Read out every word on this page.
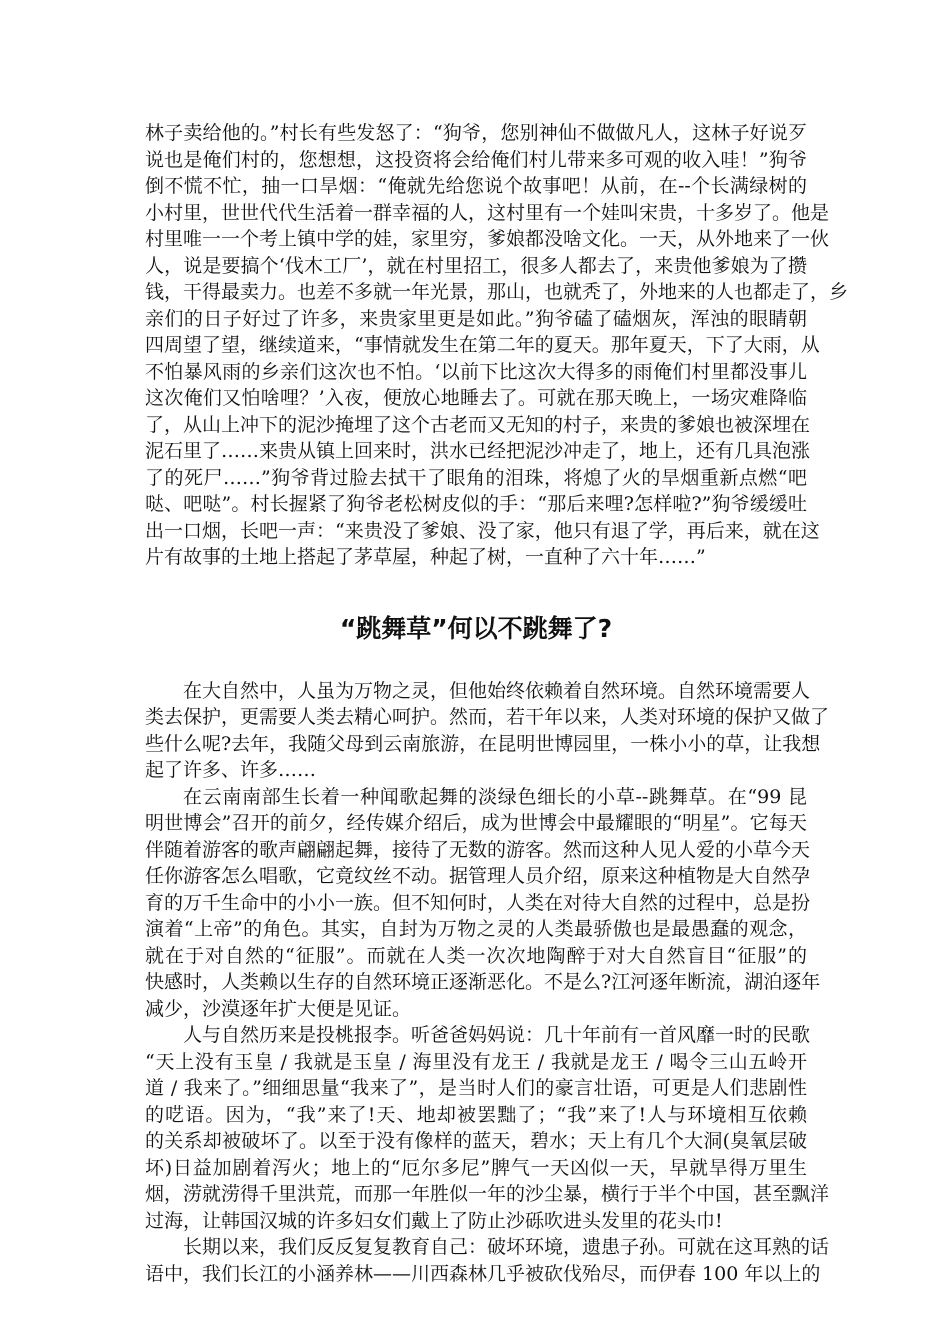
林子卖给他的。”村长有些发怒了：“狗爷，您别神仙不做做凡人，这林子好说歹
说也是俺们村的，您想想，这投资将会给俺们村儿带来多可观的收入哇！”狗爷
倒不慌不忙，抽一口旱烟：“俺就先给您说个故事吧！从前，在--个长满绿树的
小村里，世世代代生活着一群幸福的人，这村里有一个娃叫宋贵，十多岁了。他是
村里唯一一个考上镇中学的娃，家里穷，爹娘都没啥文化。一天，从外地来了一伙
人，说是要搞个‘伐木工厂’，就在村里招工，很多人都去了，来贵他爹娘为了攒
钱，干得最卖力。也差不多就一年光景，那山，也就秃了，外地来的人也都走了，乡
亲们的日子好过了许多，来贵家里更是如此。”狗爷磕了磕烟灰，浑浊的眼睛朝
四周望了望，继续道来，“事情就发生在第二年的夏天。那年夏天，下了大雨，从
不怕暴风雨的乡亲们这次也不怕。‘以前下比这次大得多的雨俺们村里都没事儿
这次俺们又怕啥哩？’入夜，便放心地睡去了。可就在那天晚上，一场灾难降临
了，从山上冲下的泥沙掩埋了这个古老而又无知的村子，来贵的爹娘也被深埋在
泥石里了……来贵从镇上回来时，洪水已经把泥沙冲走了，地上，还有几具泡涨
了的死尸……”狗爷背过脸去拭干了眼角的泪珠，将熄了火的旱烟重新点燃“吧
哒、吧哒”。村长握紧了狗爷老松树皮似的手：“那后来哩?怎样啦?”狗爷缓缓吐
出一口烟，长吧一声：“来贵没了爹娘、没了家，他只有退了学，再后来，就在这
片有故事的土地上搭起了茅草屋，种起了树，一直种了六十年……”
“跳舞草”何以不跳舞了?
在大自然中，人虽为万物之灵，但他始终依赖着自然环境。自然环境需要人
类去保护，更需要人类去精心呵护。然而，若干年以来，人类对环境的保护又做了
些什么呢?去年，我随父母到云南旅游，在昆明世博园里，一株小小的草，让我想
起了许多、许多……
在云南南部生长着一种闻歌起舞的淡绿色细长的小草--跳舞草。在“99 昆
明世博会”召开的前夕，经传媒介绍后，成为世博会中最耀眼的“明星”。它每天
伴随着游客的歌声翩翩起舞，接待了无数的游客。然而这种人见人爱的小草今天
任你游客怎么唱歌，它竟纹丝不动。据管理人员介绍，原来这种植物是大自然孕
育的万千生命中的小小一族。但不知何时，人类在对待大自然的过程中，总是扮
演着“上帝”的角色。其实，自封为万物之灵的人类最骄傲也是最愚蠢的观念，
就在于对自然的“征服”。而就在人类一次次地陶醉于对大自然盲目“征服”的
快感时，人类赖以生存的自然环境正逐渐恶化。不是么?江河逐年断流，湖泊逐年
减少，沙漠逐年扩大便是见证。
人与自然历来是投桃报李。听爸爸妈妈说：几十年前有一首风靡一时的民歌
“天上没有玉皇 / 我就是玉皇 / 海里没有龙王 / 我就是龙王 / 喝令三山五岭开
道 / 我来了。”细细思量“我来了”，是当时人们的豪言壮语，可更是人们悲剧性
的呓语。因为，“我”来了!天、地却被罢黜了；“我”来了!人与环境相互依赖
的关系却被破坏了。以至于没有像样的蓝天，碧水；天上有几个大洞(臭氧层破
坏)日益加剧着泻火；地上的“厄尔多尼”脾气一天凶似一天，早就旱得万里生
烟，涝就涝得千里洪荒，而那一年胜似一年的沙尘暴，横行于半个中国，甚至飘洋
过海，让韩国汉城的许多妇女们戴上了防止沙砾吹进头发里的花头巾!
长期以来，我们反反复复教育自己：破坏环境，遗患子孙。可就在这耳熟的话
语中，我们长江的小涵养林——川西森林几乎被砍伐殆尽，而伊春 100 年以上的
